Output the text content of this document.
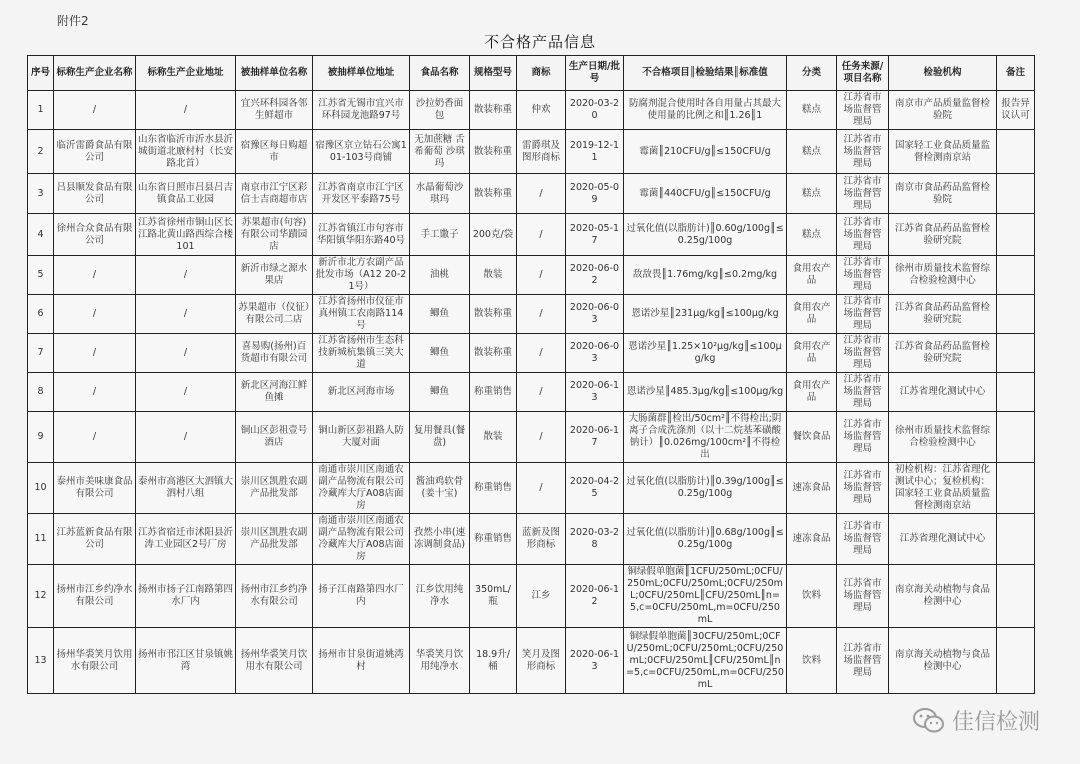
附件2
不合格产品信息
序号	标称生产企业名称	标称生产企业地址	被抽样单位名称	被抽样单位地址	食品名称	规格型号	商标	生产日期/批号	不合格项目║检验结果║标准值	分类	任务来源/项目名称	检验机构	备注
1	/	/	宜兴环科园各邻生鲜超市	江苏省无锡市宜兴市环科园龙池路97号	沙拉奶香面包	散装称重	仲欢	2020-03-20	防腐剂混合使用时各自用量占其最大使用量的比例之和║1.26║1	糕点	江苏省市场监督管理局	南京市产品质量监督检验院	报告异议认可
2	临沂雷爵食品有限公司	山东省临沂市沂水县沂城街道北廒村村（长安路北首）	宿豫区每日购超市	宿豫区京立钻石公寓101-103号商铺	无加蔗糖 舌希葡萄 沙琪玛	散装称重	雷爵琪及图形商标	2019-12-11	霉菌║210CFU/g║≤150CFU/g	糕点	江苏省市场监督管理局	国家轻工业食品质量监督检测南京站	
3	吕县顺发食品有限公司	山东省日照市吕县吕吉镇食品工业园	南京市江宁区彩信士吉商超市店	江苏省南京市江宁区开发区平泰路75号	水晶葡萄沙琪玛	散装称重	/	2020-05-09	霉菌║440CFU/g║≤150CFU/g	糕点	江苏省市场监督管理局	南京市食品药品监督检验院	
4	徐州合众食品有限公司	江苏省徐州市铜山区长江路北黄山路西综合楼101	苏果超市(句容)有限公司华蹟园店	江苏省镇江市句容市华阳镇华阳东路40号	手工馓子	200克/袋	/	2020-05-17	过氧化值(以脂肪计)║0.60g/100g║≤0.25g/100g	糕点	江苏省市场监督管理局	江苏省食品药品监督检验研究院	
5	/	/	新沂市绿之源水果店	新沂市北方农副产品批发市场（A12 20-21号）	油桃	散装	/	2020-06-02	敌敌畏║1.76mg/kg║≤0.2mg/kg	食用农产品	江苏省市场监督管理局	徐州市质量技术监督综合检验检测中心	
6	/	/	苏果超市（仪征）有限公司二店	江苏省扬州市仪征市真州镇工农南路114号	鲫鱼	散装称重	/	2020-06-03	恩诺沙星║231μg/kg║≤100μg/kg	食用农产品	江苏省市场监督管理局	江苏省食品药品监督检验研究院	
7	/	/	喜易购(扬州)百货超市有限公司	江苏省扬州市生态科技新城杭集镇三笑大道	鲫鱼	散装称重	/	2020-06-03	恩诺沙星║1.25×10²μg/kg║≤100μg/kg	食用农产品	江苏省市场监督管理局	江苏省食品药品监督检验研究院	
8	/	/	新北区河海江鲜鱼摊	新北区河海市场	鲫鱼	称重销售	/	2020-06-13	恩诺沙星║485.3μg/kg║≤100μg/kg	食用农产品	江苏省市场监督管理局	江苏省理化测试中心	
9	/	/	铜山区彭祖壹号酒店	铜山新区彭祖路人防大厦对面	复用餐具(餐盘)	散装	/	2020-06-17	大肠菌群║检出/50cm²║不得检出;阴离子合成洗涤剂（以十二烷基苯磺酸钠计）║0.026mg/100cm²║不得检出	餐饮食品	江苏省市场监督管理局	徐州市质量技术监督综合检验检测中心	
10	泰州市美味康食品有限公司	泰州市高港区大泗镇大泗村八组	崇川区凯胜农副产品批发部	南通市崇川区南通农副产品物流有限公司冷藏库大厅A08店面房	酱油鸡软骨(姜十宝)	称重销售	/	2020-04-25	过氧化值(以脂肪计)║0.39g/100g║≤0.25g/100g	速冻食品	江苏省市场监督管理局	初检机构：江苏省理化测试中心；复检机构：国家轻工业食品质量监督检测南京站	
11	江苏蓝新食品有限公司	江苏省宿迁市沭阳县沂涛工业园区2号厂房	崇川区凯胜农副产品批发部	南通市崇川区南通农副产品物流有限公司冷藏库大厅A08店面房	孜然小串(速冻调制食品)	称重销售	蓝新及图形商标	2020-03-28	过氧化值(以脂肪计)║0.68g/100g║≤0.25g/100g	速冻食品	江苏省市场监督管理局	江苏省理化测试中心	
12	扬州市江乡约净水有限公司	扬州市扬子江南路第四水厂内	扬州市江乡约净水有限公司	扬子江南路第四水厂内	江乡饮用纯净水	350mL/瓶	江乡	2020-06-12	铜绿假单胞菌║1CFU/250mL;0CFU/250mL;0CFU/250mL;0CFU/250mL;0CFU/250mL║CFU/250mL║n=5,c=0CFU/250mL,m=0CFU/250mL	饮料	江苏省市场监督管理局	南京海关动植物与食品检测中心	
13	扬州华裘笑月饮用水有限公司	扬州市邗江区甘泉镇姚湾	扬州华裘笑月饮用水有限公司	扬州市甘泉街道姚湾村	华裘笑月饮用纯净水	18.9升/桶	笑月及图形商标	2020-06-13	铜绿假单胞菌║30CFU/250mL;0CFU/250mL;0CFU/250mL;0CFU/250mL;0CFU/250mL║CFU/250mL║n=5,c=0CFU/250mL,m=0CFU/250mL	饮料	江苏省市场监督管理局	南京海关动植物与食品检测中心	
佳信检测
